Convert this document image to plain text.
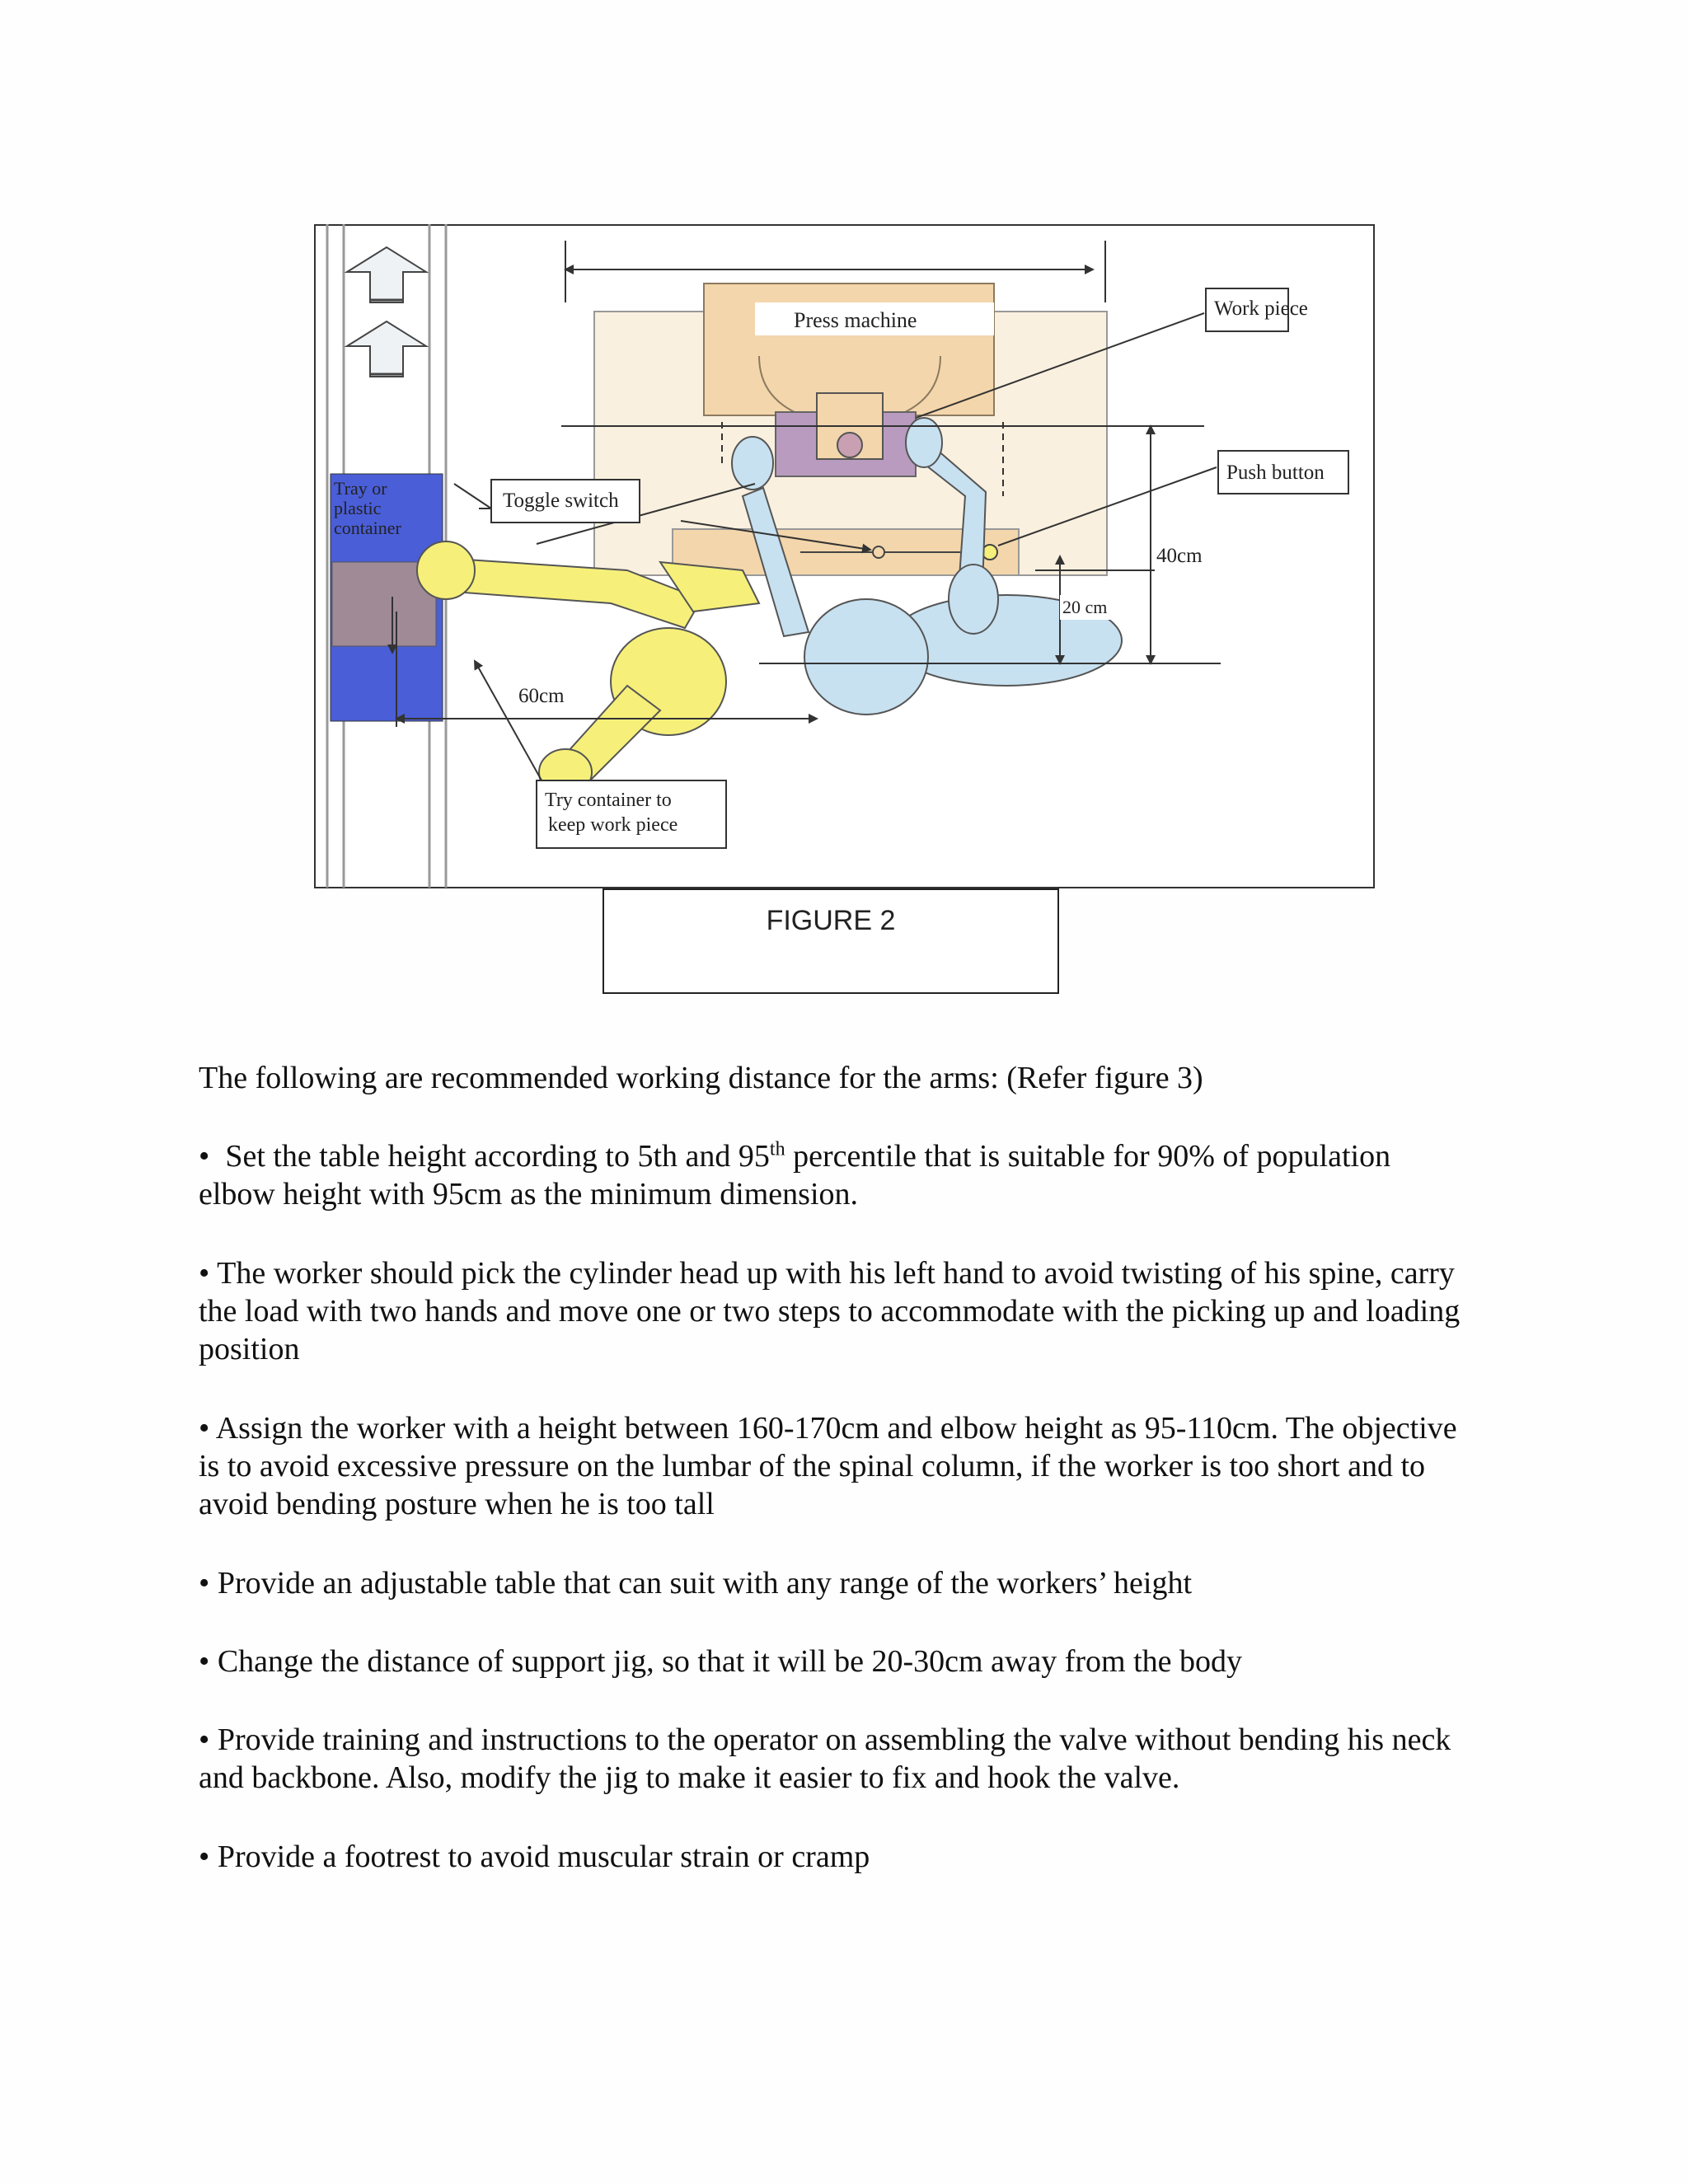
Tray or
plastic
container
Press machine	Work piece
Push button
Toggle switch
40cm
20 cm
60cm
Try container to
keep work piece
FIGURE 2

The following are recommended working distance for the arms: (Refer figure 3)

• Set the table height according to 5th and 95th percentile that is suitable for 90% of population elbow height with 95cm as the minimum dimension.

• The worker should pick the cylinder head up with his left hand to avoid twisting of his spine, carry the load with two hands and move one or two steps to accommodate with the picking up and loading position

• Assign the worker with a height between 160-170cm and elbow height as 95-110cm. The objective is to avoid excessive pressure on the lumbar of the spinal column, if the worker is too short and to avoid bending posture when he is too tall

• Provide an adjustable table that can suit with any range of the workers’ height

• Change the distance of support jig, so that it will be 20-30cm away from the body

• Provide training and instructions to the operator on assembling the valve without bending his neck and backbone. Also, modify the jig to make it easier to fix and hook the valve.

• Provide a footrest to avoid muscular strain or cramp
